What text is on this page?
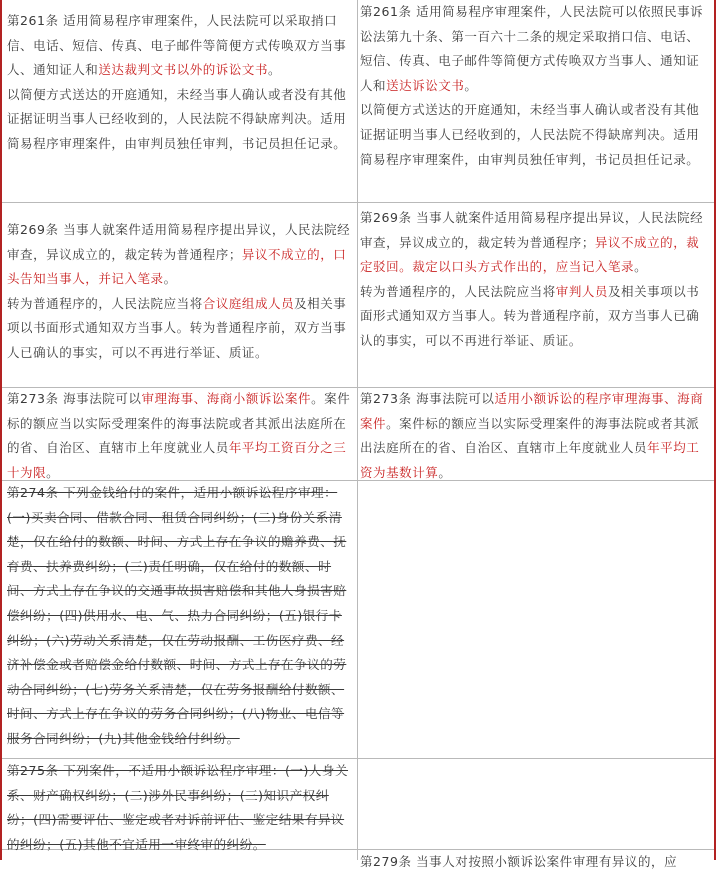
第261条 适用简易程序审理案件，人民法院可以采取捎口信、电话、短信、传真、电子邮件等简便方式传唤双方当事人、通知证人和送达裁判文书以外的诉讼文书。

以简便方式送达的开庭通知，未经当事人确认或者没有其他证据证明当事人已经收到的，人民法院不得缺席判决。适用简易程序审理案件，由审判员独任审判，书记员担任记录。

第261条 适用简易程序审理案件，人民法院可以依照民事诉讼法第九十条、第一百六十二条的规定采取捎口信、电话、短信、传真、电子邮件等简便方式传唤双方当事人、通知证人和送达诉讼文书。

以简便方式送达的开庭通知，未经当事人确认或者没有其他证据证明当事人已经收到的，人民法院不得缺席判决。适用简易程序审理案件，由审判员独任审判，书记员担任记录。

第269条 当事人就案件适用简易程序提出异议，人民法院经审查，异议成立的，裁定转为普通程序；异议不成立的，口头告知当事人，并记入笔录。

转为普通程序的，人民法院应当将合议庭组成人员及相关事项以书面形式通知双方当事人。转为普通程序前，双方当事人已确认的事实，可以不再进行举证、质证。

第269条 当事人就案件适用简易程序提出异议，人民法院经审查，异议成立的，裁定转为普通程序；异议不成立的，裁定驳回。裁定以口头方式作出的，应当记入笔录。

转为普通程序的，人民法院应当将审判人员及相关事项以书面形式通知双方当事人。转为普通程序前，双方当事人已确认的事实，可以不再进行举证、质证。

第273条 海事法院可以审理海事、海商小额诉讼案件。案件标的额应当以实际受理案件的海事法院或者其派出法庭所在的省、自治区、直辖市上年度就业人员年平均工资百分之三十为限。

第273条 海事法院可以适用小额诉讼的程序审理海事、海商案件。案件标的额应当以实际受理案件的海事法院或者其派出法庭所在的省、自治区、直辖市上年度就业人员年平均工资为基数计算。

第274条 下列金钱给付的案件，适用小额诉讼程序审理：(一)买卖合同、借款合同、租赁合同纠纷；(二)身份关系清楚，仅在给付的数额、时间、方式上存在争议的赡养费、抚育费、扶养费纠纷；(三)责任明确，仅在给付的数额、时间、方式上存在争议的交通事故损害赔偿和其他人身损害赔偿纠纷；(四)供用水、电、气、热力合同纠纷；(五)银行卡纠纷；(六)劳动关系清楚，仅在劳动报酬、工伤医疗费、经济补偿金或者赔偿金给付数额、时间、方式上存在争议的劳动合同纠纷；(七)劳务关系清楚，仅在劳务报酬给付数额、时间、方式上存在争议的劳务合同纠纷；(八)物业、电信等服务合同纠纷；(九)其他金钱给付纠纷。

第275条 下列案件，不适用小额诉讼程序审理：(一)人身关系、财产确权纠纷；(二)涉外民事纠纷；(三)知识产权纠纷；(四)需要评估、鉴定或者对诉前评估、鉴定结果有异议的纠纷；(五)其他不宜适用一审终审的纠纷。

第279条 当事人对按照小额诉讼案件审理有异议的，应
